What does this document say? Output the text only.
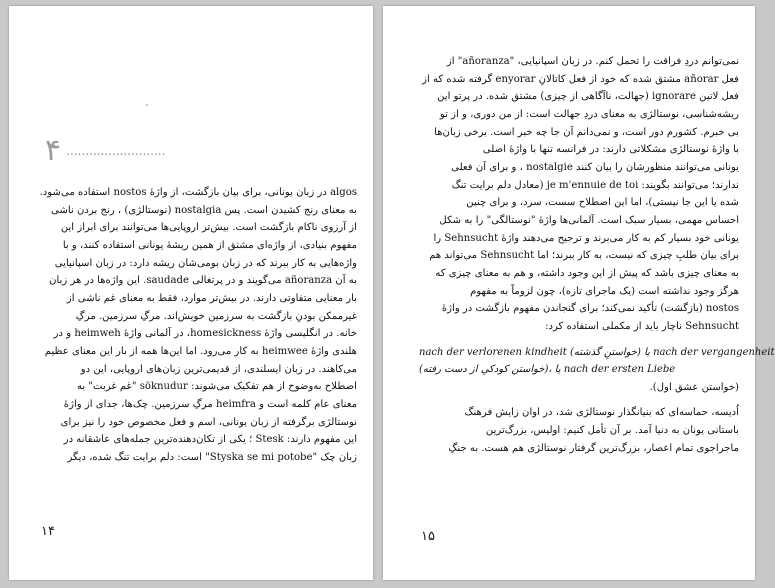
۴ ..........................
algos در زبان یونانی، برای بیان بازگشت، از واژهٔ nostos استفاده می‌شود.
به معنای رنج کشیدن است. پس nostalgia (نوستالژی) ، رنج بردن ناشی
از آرزوی ناکام بازگشت است. بیش‌تر اروپایی‌ها می‌توانند برای ابراز این
مفهوم بنیادی، از واژه‌ای مشتق از همین ریشهٔ یونانی استفاده کنند، و با
واژه‌هایی به کار ببرند که در زبان بومی‌شان ریشه دارد: در زبان اسپانیایی
به آن añoranza می‌گویند و در پرتغالی saudade. این واژه‌ها در هر زبان
بار معنایی متفاوتی دارند. در بیش‌تر موارد، فقط به معنای غم ناشی از
غیرممکن بودنِ بازگشت به سرزمین خویش‌اند. مرگِ سرزمین. مرگِ
خانه. در انگلیسی واژهٔ homesickness، در آلمانی واژهٔ heimweh و در
هلندی واژهٔ heimwee به کار می‌رود. اما این‌ها همه از بار این معنای عظیم
می‌کاهند. در زبان ایسلندی، از قدیمی‌ترین زبان‌های اروپایی، این دو
اصطلاح به‌وضوح از هم تفکیک می‌شوند: söknudur "غم غربت" به
معنای عام کلمه است و heimfra مرگِ سرزمین. چک‌ها، جدای از واژهٔ
نوستالژی برگرفته از زبان یونانی، اسم و فعل مخصوص خود را نیز برای
این مفهوم دارند: Stesk ؛ یکی از تکان‌دهنده‌ترین جمله‌های عاشقانه در
زبان چک "Styska se mi potobe" است: دلم برایت تنگ شده، دیگر
۱۴
نمی‌توانم دردِ فراقت را تحمل کنم. در زبان اسپانیایی، "añoranza" از
فعل añorar مشتق شده که خود از فعل کاتالانِ enyorar گرفته شده که از
فعل لاتین ignorare (جهالت، ناآگاهی از چیزی) مشتق شده. در پرتو این
ریشه‌شناسی، نوستالژی به معنای دردِ جهالت است: از من دوری، و از تو
بی خبرم. کشورم دور است، و نمی‌دانم آن جا چه خبر است. برخی زبان‌ها
با واژهٔ نوستالژی مشکلاتی دارند: در فرانسه تنها با واژهٔ اصلی
یونانی می‌توانند منظورشان را بیان کنند nostalgie ، و برای آن فعلی
ندارند؛ می‌توانند بگویند: je m'ennuie de toi (معادل دلم برایت تنگ
شده یا این جا نیستی)، اما این اصطلاح سست، سرد، و برای چنین
احساس مهمی، بسیار سبک است. آلمانی‌ها واژهٔ "نوستالگی" را به شکل
یونانی خود بسیار کم به کار می‌برند و ترجیح می‌دهند واژهٔ Sehnsucht را
برای بیان طلبِ چیزی که نیست، به کار ببرند؛ اما Sehnsucht می‌تواند هم
به معنای چیزی باشد که پیش از این وجود داشته، و هم به معنای چیزی که
هرگز وجود نداشته است (یک ماجرای تازه)، چون لزوماً به مفهوم
nostos (بازگشت) تأکید نمی‌کند؛ برای گنجاندن مفهوم بازگشت در واژهٔ
Sehnsucht ناچار باید از مکملی استفاده کرد:
nach der verlorenen kindheit (خواستنِ گذشته) یا nach der vergangenheit
(خواستن کودکیِ از دست رفته)، یا nach der ersten Liebe
(خواستن عشق اول).
اُدیسه، حماسه‌ای که بنیانگذار نوستالژی شد، در اوان زایش فرهنگ
باستانی یونان به دنیا آمد. بر آن تأمل کنیم: اولیس، بزرگ‌ترین
ماجراجوی تمام اعصار، بزرگ‌ترین گرفتار نوستالژی هم هست. به جنگِ
۱۵
